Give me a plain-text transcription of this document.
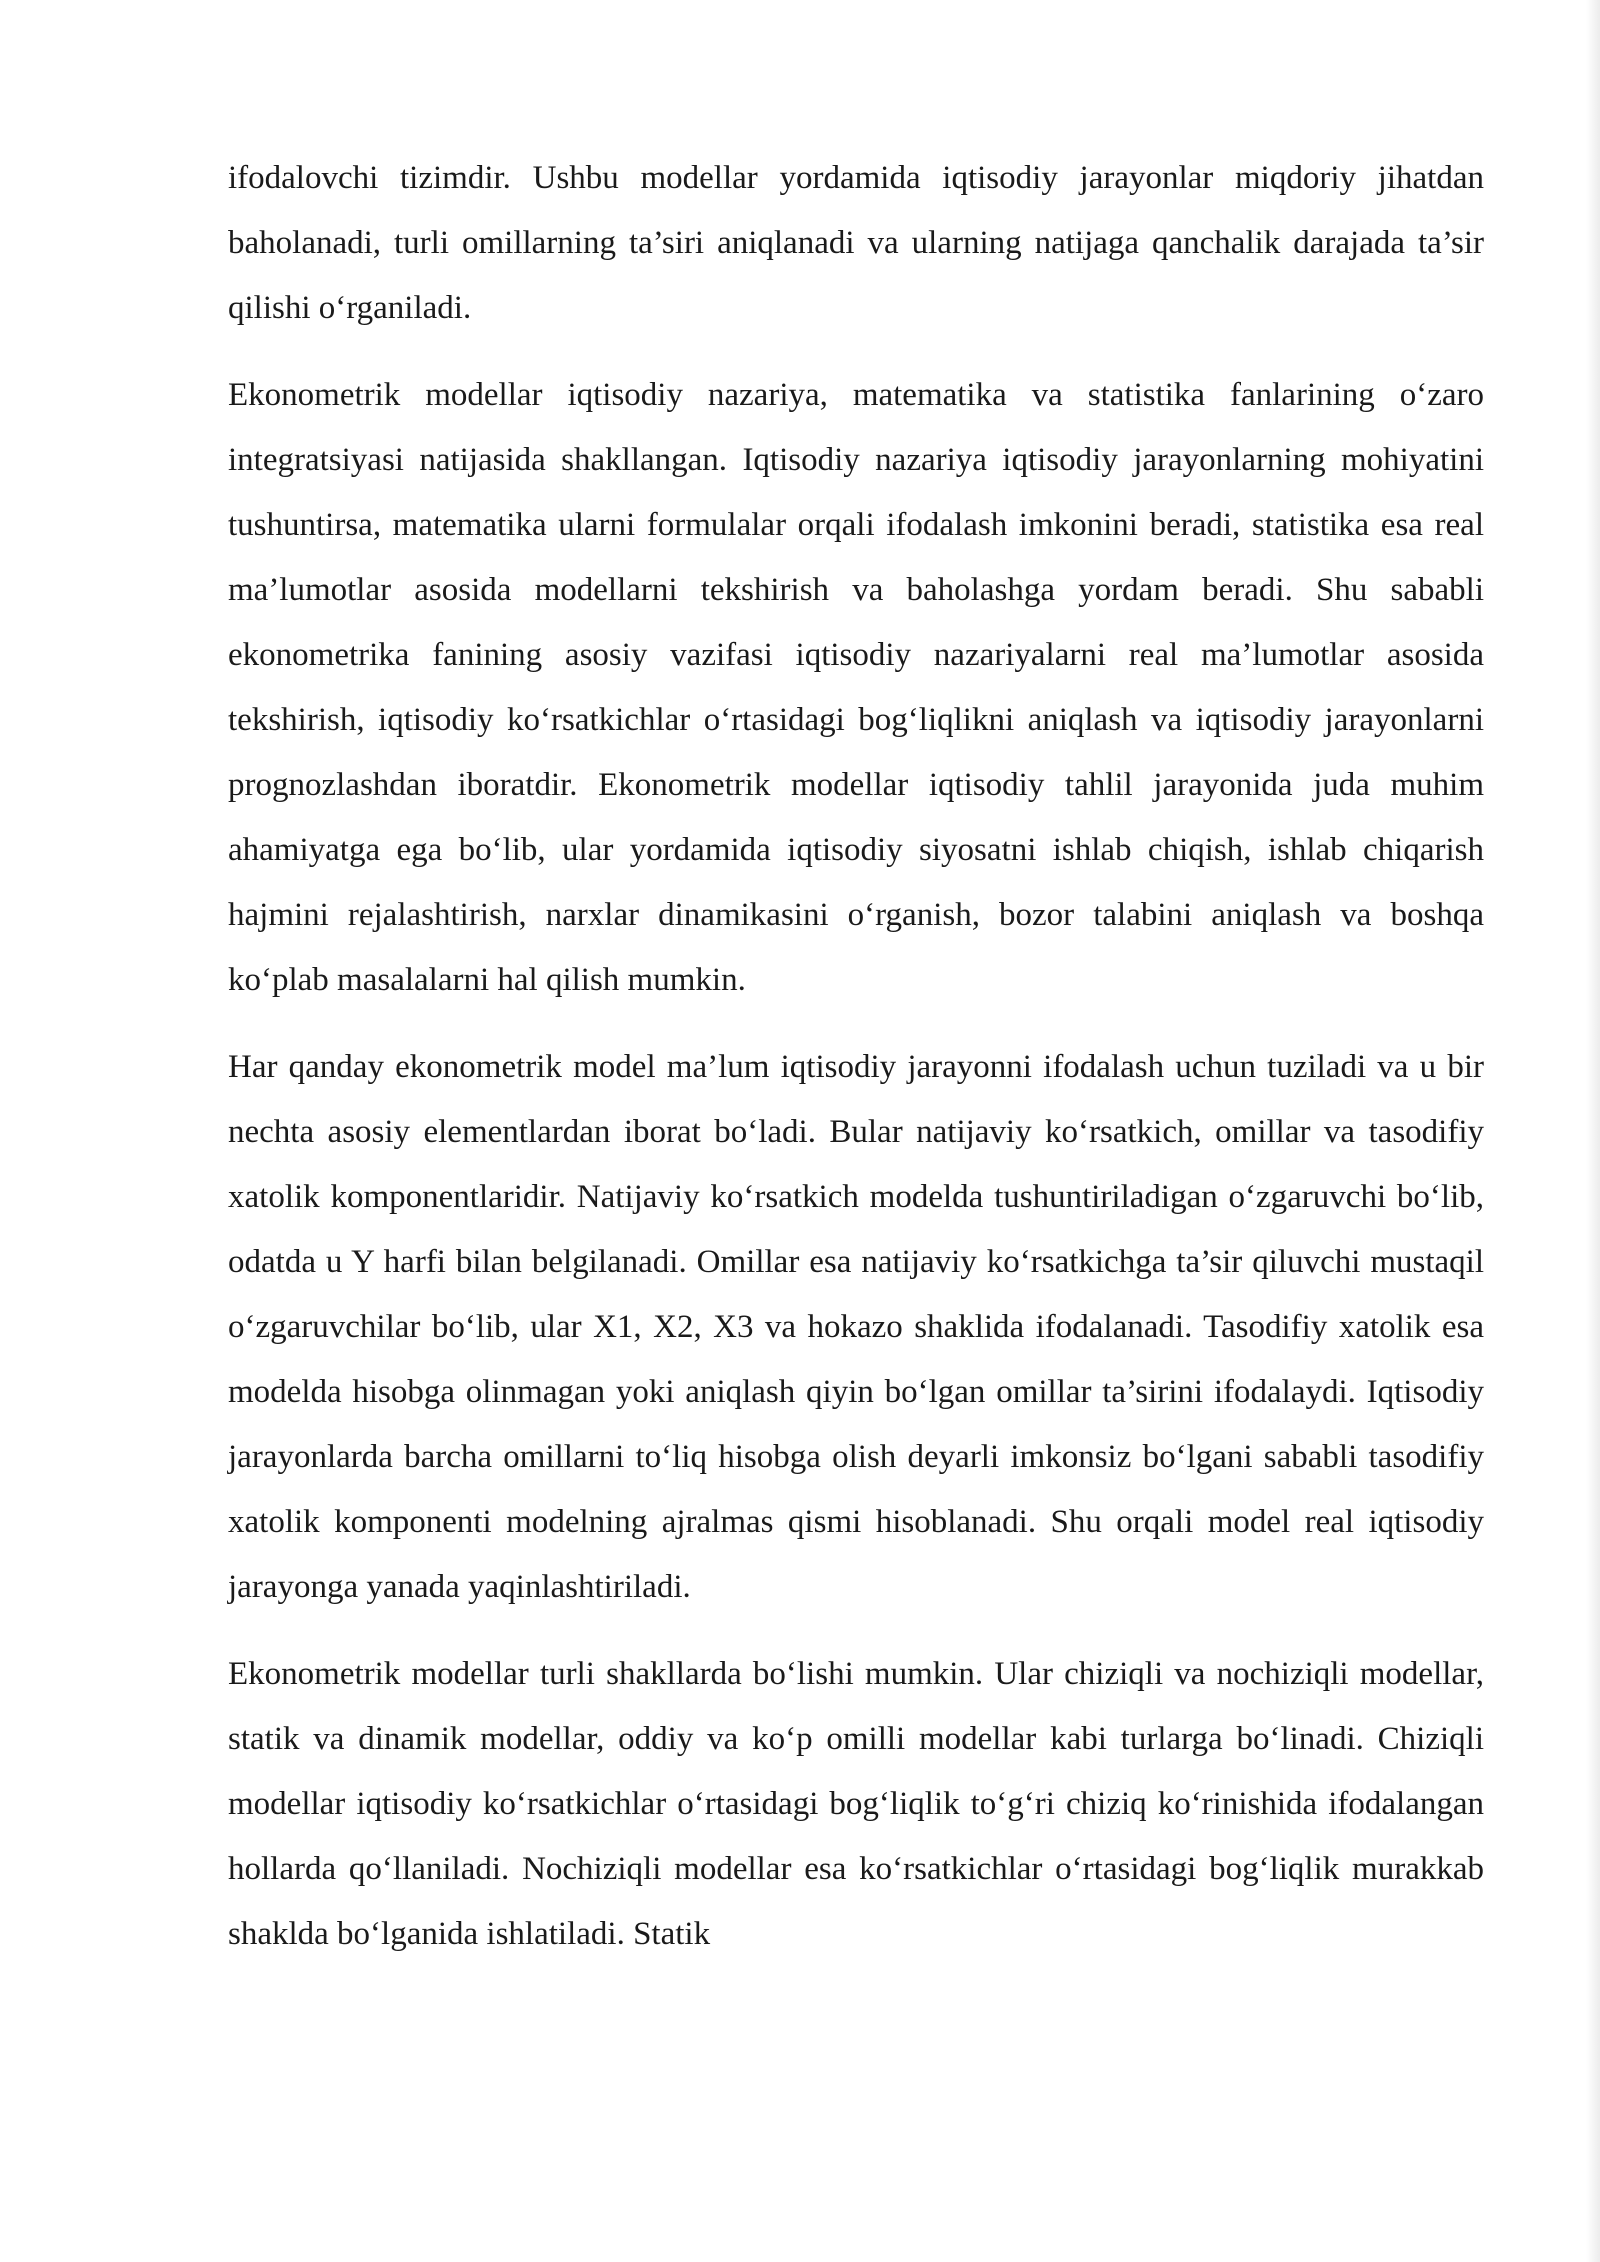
ifodalovchi tizimdir. Ushbu modellar yordamida iqtisodiy jarayonlar miqdoriy jihatdan baholanadi, turli omillarning ta’siri aniqlanadi va ularning natijaga qanchalik darajada ta’sir qilishi o‘rganiladi.

Ekonometrik modellar iqtisodiy nazariya, matematika va statistika fanlarining o‘zaro integratsiyasi natijasida shakllangan. Iqtisodiy nazariya iqtisodiy jarayonlarning mohiyatini tushuntirsa, matematika ularni formulalar orqali ifodalash imkonini beradi, statistika esa real ma’lumotlar asosida modellarni tekshirish va baholashga yordam beradi. Shu sababli ekonometrika fanining asosiy vazifasi iqtisodiy nazariyalarni real ma’lumotlar asosida tekshirish, iqtisodiy ko‘rsatkichlar o‘rtasidagi bog‘liqlikni aniqlash va iqtisodiy jarayonlarni prognozlashdan iboratdir. Ekonometrik modellar iqtisodiy tahlil jarayonida juda muhim ahamiyatga ega bo‘lib, ular yordamida iqtisodiy siyosatni ishlab chiqish, ishlab chiqarish hajmini rejalashtirish, narxlar dinamikasini o‘rganish, bozor talabini aniqlash va boshqa ko‘plab masalalarni hal qilish mumkin.

Har qanday ekonometrik model ma’lum iqtisodiy jarayonni ifodalash uchun tuziladi va u bir nechta asosiy elementlardan iborat bo‘ladi. Bular natijaviy ko‘rsatkich, omillar va tasodifiy xatolik komponentlaridir. Natijaviy ko‘rsatkich modelda tushuntiriladigan o‘zgaruvchi bo‘lib, odatda u Y harfi bilan belgilanadi. Omillar esa natijaviy ko‘rsatkichga ta’sir qiluvchi mustaqil o‘zgaruvchilar bo‘lib, ular X1, X2, X3 va hokazo shaklida ifodalanadi. Tasodifiy xatolik esa modelda hisobga olinmagan yoki aniqlash qiyin bo‘lgan omillar ta’sirini ifodalaydi. Iqtisodiy jarayonlarda barcha omillarni to‘liq hisobga olish deyarli imkonsiz bo‘lgani sababli tasodifiy xatolik komponenti modelning ajralmas qismi hisoblanadi. Shu orqali model real iqtisodiy jarayonga yanada yaqinlashtiriladi.

Ekonometrik modellar turli shakllarda bo‘lishi mumkin. Ular chiziqli va nochiziqli modellar, statik va dinamik modellar, oddiy va ko‘p omilli modellar kabi turlarga bo‘linadi. Chiziqli modellar iqtisodiy ko‘rsatkichlar o‘rtasidagi bog‘liqlik to‘g‘ri chiziq ko‘rinishida ifodalangan hollarda qo‘llaniladi. Nochiziqli modellar esa ko‘rsatkichlar o‘rtasidagi bog‘liqlik murakkab shaklda bo‘lganida ishlatiladi. Statik
